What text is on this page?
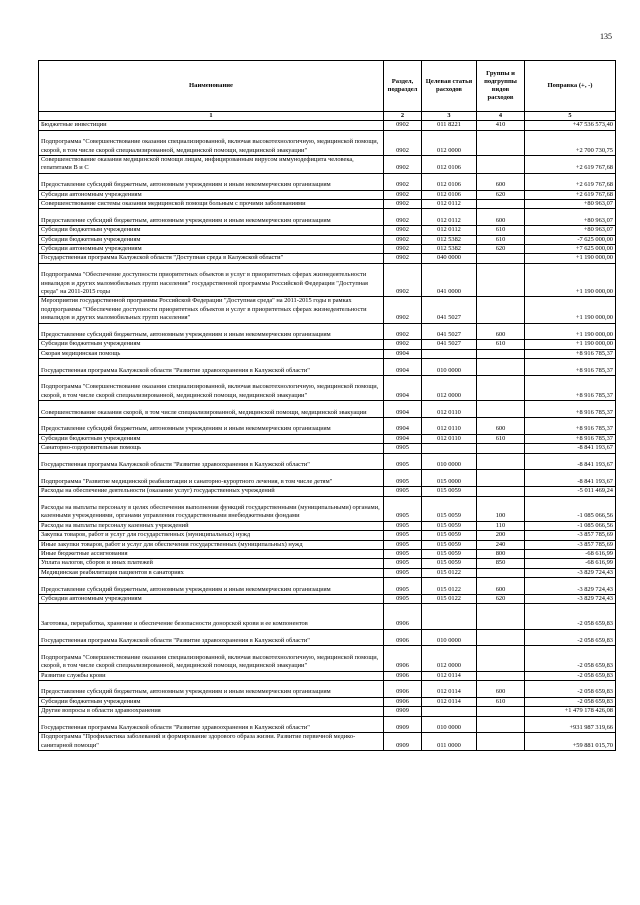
135
Наименование	Раздел, подраздел	Целевая статья расходов	Группы и подгруппы видов расходов	Поправка (+, -)
1	2	3	4	5
Бюджетные инвестиции	0902	011 8221	410	+47 536 573,40
Подпрограмма "Совершенствование оказания специализированной, включая высокотехнологичную, медицинской помощи, скорой, в том числе скорой специализированной, медицинской помощи, медицинской эвакуации"	0902	012 0000		+2 700 730,75
Совершенствование оказания медицинской помощи лицам, инфицированным вирусом иммунодефицита человека, гепатитами В и С	0902	012 0106		+2 619 767,68
Предоставление субсидий бюджетным, автономным учреждениям и иным некоммерческим организациям	0902	012 0106	600	+2 619 767,68
Субсидии автономным учреждениям	0902	012 0106	620	+2 619 767,68
Совершенствование системы оказания медицинской помощи больным с прочими заболеваниями	0902	012 0112		+80 963,07
Предоставление субсидий бюджетным, автономным учреждениям и иным некоммерческим организациям	0902	012 0112	600	+80 963,07
Субсидии бюджетным учреждениям	0902	012 0112	610	+80 963,07
Субсидии бюджетным учреждениям	0902	012 5382	610	-7 625 000,00
Субсидии автономным учреждениям	0902	012 5382	620	+7 625 000,00
Государственная программа Калужской области "Доступная среда в Калужской области"	0902	040 0000		+1 190 000,00
Подпрограмма "Обеспечение доступности приоритетных объектов и услуг в приоритетных сферах жизнедеятельности инвалидов и других маломобильных групп населения" государственной программы Российской Федерации "Доступная среда" на 2011-2015 годы	0902	041 0000		+1 190 000,00
Мероприятия государственной программы Российской Федерации "Доступная среда" на 2011-2015 годы в рамках подпрограммы "Обеспечение доступности приоритетных объектов и услуг в приоритетных сферах жизнедеятельности инвалидов и других маломобильных групп населения"	0902	041 5027		+1 190 000,00
Предоставление субсидий бюджетным, автономным учреждениям и иным некоммерческим организациям	0902	041 5027	600	+1 190 000,00
Субсидии бюджетным учреждениям	0902	041 5027	610	+1 190 000,00
Скорая медицинская помощь	0904			+8 916 785,37
Государственная программа Калужской области "Развитие здравоохранения в Калужской области"	0904	010 0000		+8 916 785,37
Подпрограмма "Совершенствование оказания специализированной, включая высокотехнологичную, медицинской помощи, скорой, в том числе скорой специализированной, медицинской помощи, медицинской эвакуации"	0904	012 0000		+8 916 785,37
Совершенствование оказания скорой, в том числе специализированной, медицинской помощи, медицинской эвакуации	0904	012 0110		+8 916 785,37
Предоставление субсидий бюджетным, автономным учреждениям и иным некоммерческим организациям	0904	012 0110	600	+8 916 785,37
Субсидии бюджетным учреждениям	0904	012 0110	610	+8 916 785,37
Санаторно-оздоровительная помощь	0905			-8 841 193,67
Государственная программа Калужской области "Развитие здравоохранения в Калужской области"	0905	010 0000		-8 841 193,67
Подпрограмма "Развитие медицинской реабилитации и санаторно-курортного лечения, в том числе детям"	0905	015 0000		-8 841 193,67
Расходы на обеспечение деятельности (оказание услуг) государственных учреждений	0905	015 0059		-5 011 469,24
Расходы на выплаты персоналу в целях обеспечения выполнения функций государственными (муниципальными) органами, казенными учреждениями, органами управления государственными внебюджетными фондами	0905	015 0059	100	-1 085 066,56
Расходы на выплаты персоналу казенных учреждений	0905	015 0059	110	-1 085 066,56
Закупка товаров, работ и услуг для государственных (муниципальных) нужд	0905	015 0059	200	-3 857 785,69
Иные закупки товаров, работ и услуг для обеспечения государственных (муниципальных) нужд	0905	015 0059	240	-3 857 785,69
Иные бюджетные ассигнования	0905	015 0059	800	-68 616,99
Уплата налогов, сборов и иных платежей	0905	015 0059	850	-68 616,99
Медицинская реабилитация пациентов в санаториях	0905	015 0122		-3 829 724,43
Предоставление субсидий бюджетным, автономным учреждениям и иным некоммерческим организациям	0905	015 0122	600	-3 829 724,43
Субсидии автономным учреждениям	0905	015 0122	620	-3 829 724,43
Заготовка, переработка, хранение и обеспечение безопасности донорской крови и ее компонентов	0906			-2 058 659,83
Государственная программа Калужской области "Развитие здравоохранения в Калужской области"	0906	010 0000		-2 058 659,83
Подпрограмма "Совершенствование оказания специализированной, включая высокотехнологичную, медицинской помощи, скорой, в том числе скорой специализированной, медицинской помощи, медицинской эвакуации"	0906	012 0000		-2 058 659,83
Развитие службы крови	0906	012 0114		-2 058 659,83
Предоставление субсидий бюджетным, автономным учреждениям и иным некоммерческим организациям	0906	012 0114	600	-2 058 659,83
Субсидии бюджетным учреждениям	0906	012 0114	610	-2 058 659,83
Другие вопросы в области здравоохранения	0909			+1 479 178 426,08
Государственная программа Калужской области "Развитие здравоохранения в Калужской области"	0909	010 0000		+931 987 319,66
Подпрограмма "Профилактика заболеваний и формирование здорового образа жизни. Развитие первичной медико-санитарной помощи"	0909	011 0000		+59 881 015,70
